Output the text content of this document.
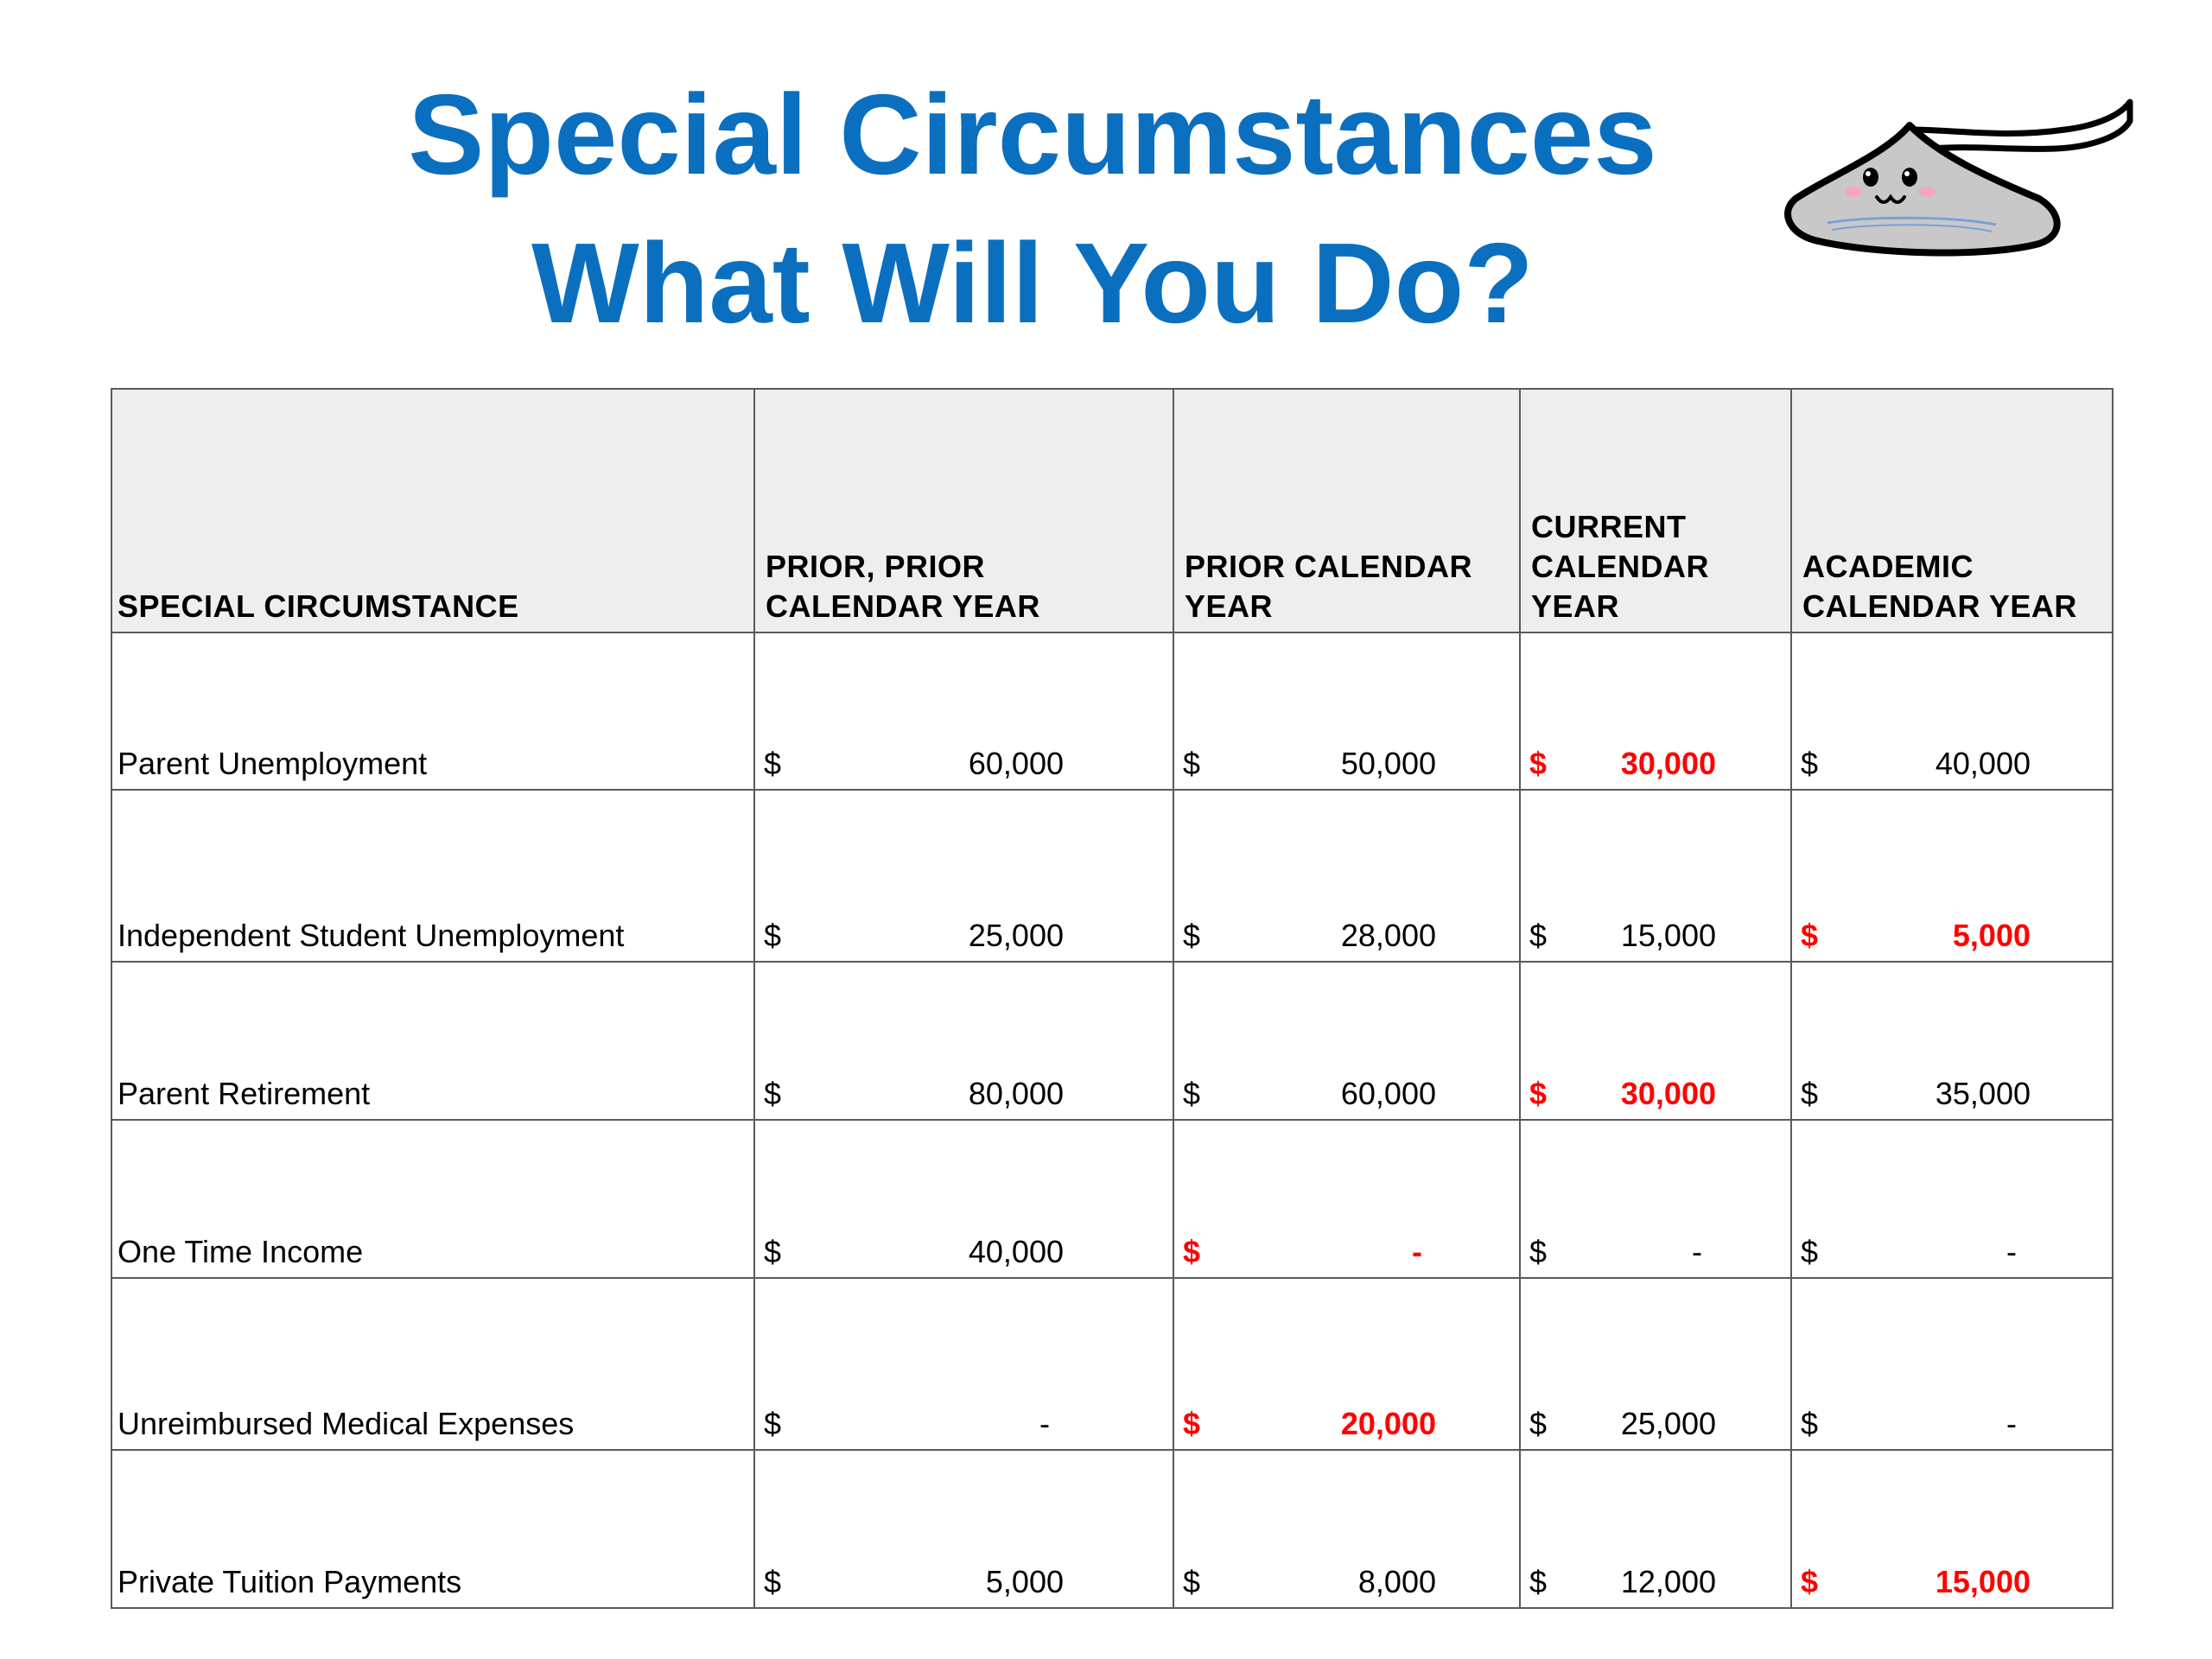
Special Circumstances
What Will You Do?
SPECIAL CIRCUMSTANCE	PRIOR, PRIOR CALENDAR YEAR	PRIOR CALENDAR YEAR	CURRENT CALENDAR YEAR	ACADEMIC CALENDAR YEAR

Parent Unemployment	$ 60,000	$ 50,000	$ 30,000	$ 40,000

Independent Student Unemployment	$ 25,000	$ 28,000	$ 15,000	$ 5,000

Parent Retirement	$ 80,000	$ 60,000	$ 30,000	$ 35,000

One Time Income	$ 40,000	$ -	$ -	$ -

Unreimbursed Medical Expenses	$ -	$ 20,000	$ 25,000	$ -

Private Tuition Payments	$ 5,000	$ 8,000	$ 12,000	$ 15,000
